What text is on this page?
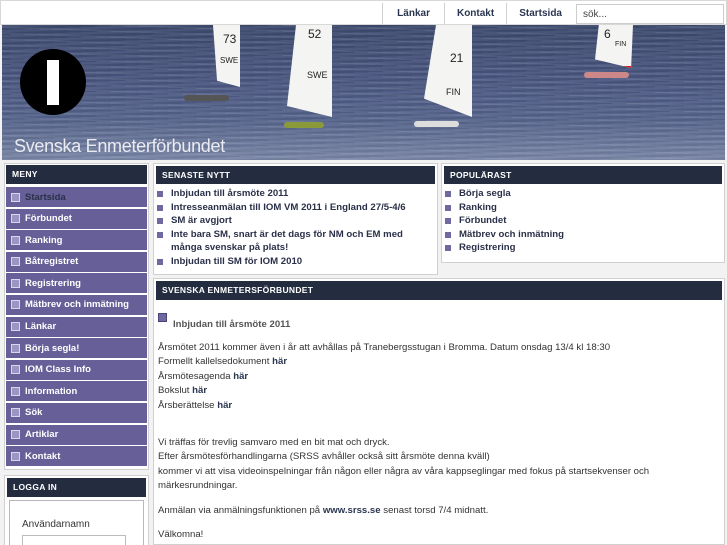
Länkar	Kontakt	Startsida
sök...
73
SWE
52
SWE
21
FIN
6
FIN
Svenska Enmeterförbundet
MENY
Startsida
Förbundet
Ranking
Båtregistret
Registrering
Mätbrev och inmätning
Länkar
Börja segla!
IOM Class Info
Information
Sök
Artiklar
Kontakt
LOGGA IN
Användarnamn
SENASTE NYTT
Inbjudan till årsmöte 2011
Intresseanmälan till IOM VM 2011 i England 27/5-4/6
SM är avgjort
Inte bara SM, snart är det dags för NM och EM med många svenskar på plats!
Inbjudan till SM för IOM 2010
POPULÄRAST
Börja segla
Ranking
Förbundet
Mätbrev och inmätning
Registrering
SVENSKA ENMETERSFÖRBUNDET
Inbjudan till årsmöte 2011
Årsmötet 2011 kommer även i år att avhållas på Tranebergsstugan i Bromma. Datum onsdag 13/4 kl 18:30
Formellt kallelsedokument här
Årsmötesagenda här
Bokslut här
Årsberättelse här
Vi träffas för trevlig samvaro med en bit mat och dryck.
Efter årsmötesförhandlingarna (SRSS avhåller också sitt årsmöte denna kväll)
kommer vi att visa videoinspelningar från någon eller några av våra kappseglingar med fokus på startsekvenser och märkesrundningar.
Anmälan via anmälningsfunktionen på www.srss.se senast torsd 7/4 midnatt.
Välkomna!
